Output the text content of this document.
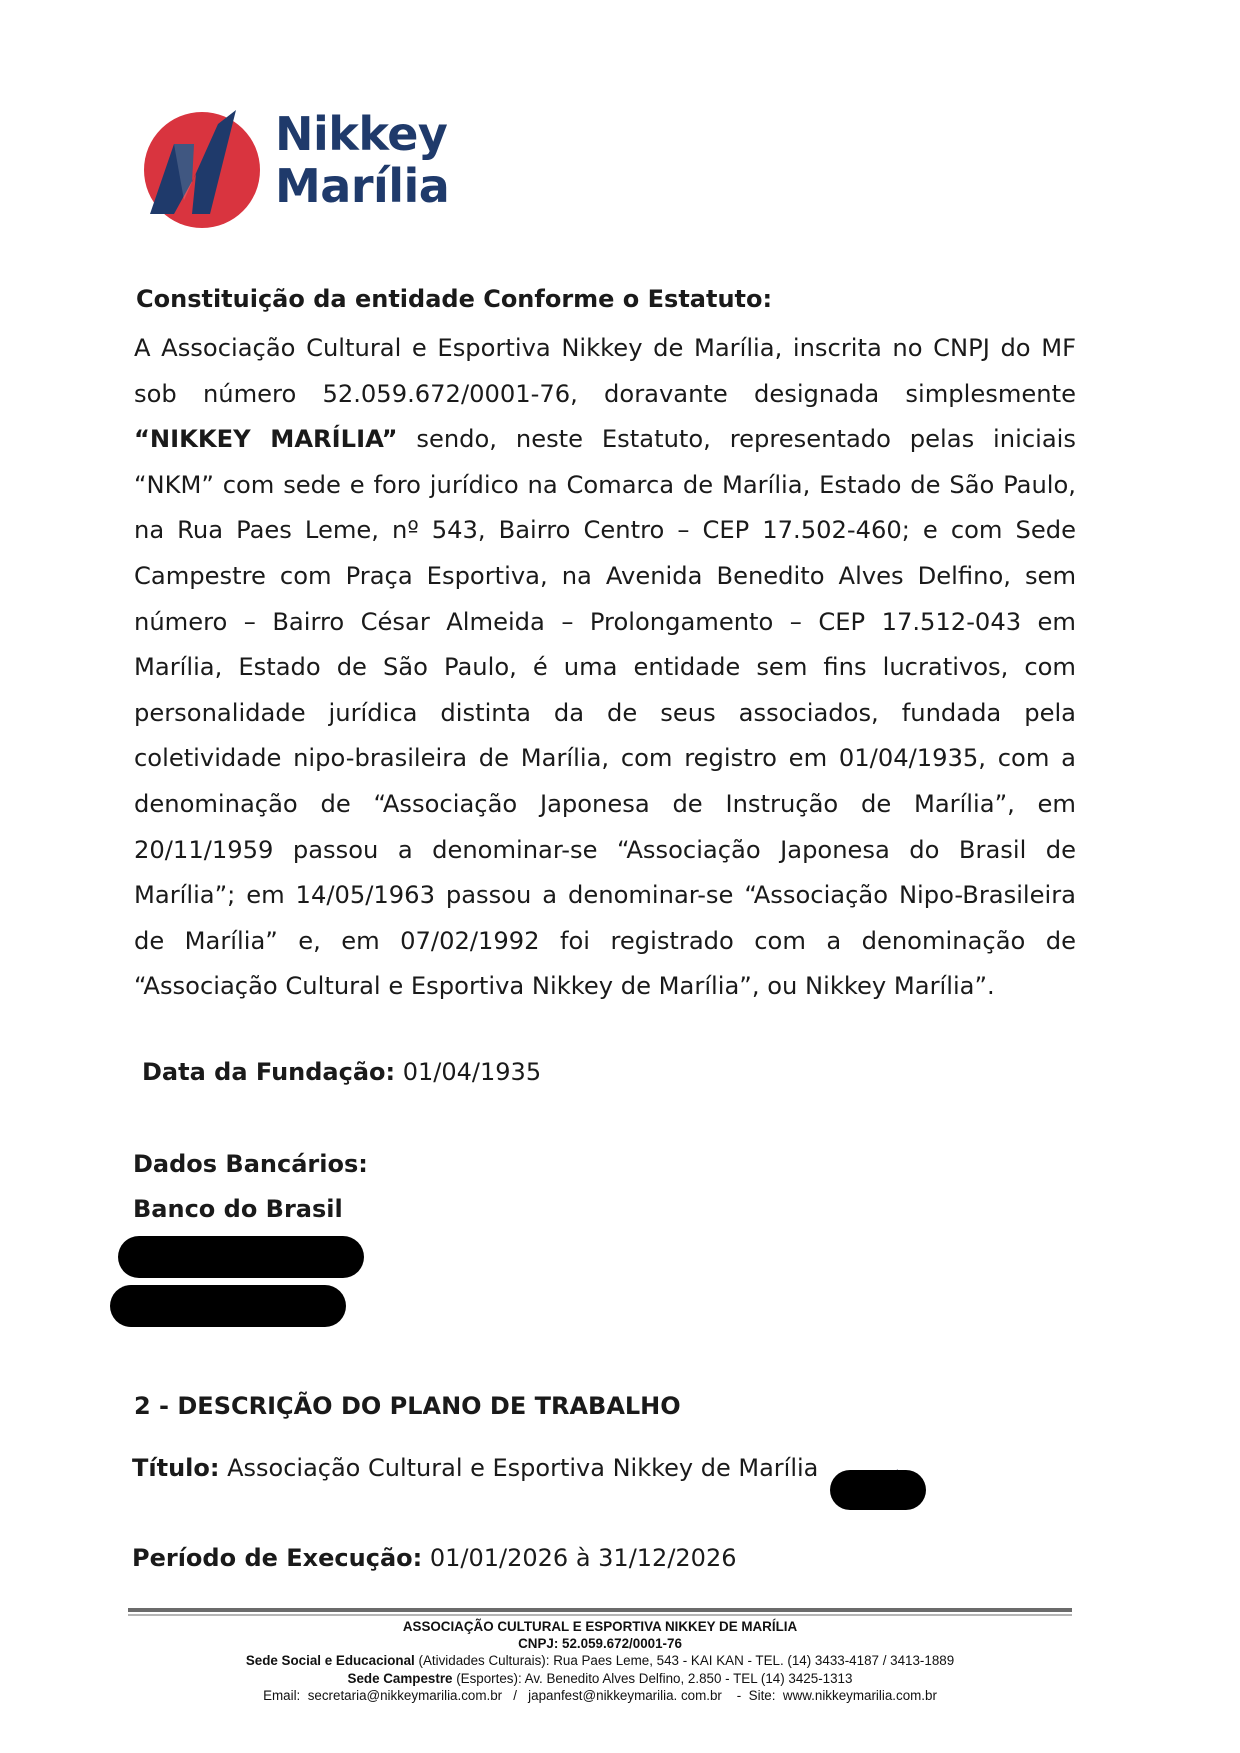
Nikkey
Marília
Constituição da entidade Conforme o Estatuto:
A Associação Cultural e Esportiva Nikkey de Marília, inscrita no CNPJ do MF sob número 52.059.672/0001-76, doravante designada simplesmente “NIKKEY MARÍLIA” sendo, neste Estatuto, representado pelas iniciais “NKM” com sede e foro jurídico na Comarca de Marília, Estado de São Paulo, na Rua Paes Leme, nº 543, Bairro Centro – CEP 17.502-460; e com Sede Campestre com Praça Esportiva, na Avenida Benedito Alves Delfino, sem número – Bairro César Almeida – Prolongamento – CEP 17.512-043 em Marília, Estado de São Paulo, é uma entidade sem fins lucrativos, com personalidade jurídica distinta da de seus associados, fundada pela coletividade nipo-brasileira de Marília, com registro em 01/04/1935, com a denominação de “Associação Japonesa de Instrução de Marília”, em 20/11/1959 passou a denominar-se “Associação Japonesa do Brasil de Marília”; em 14/05/1963 passou a denominar-se “Associação Nipo-Brasileira de Marília” e, em 07/02/1992 foi registrado com a denominação de “Associação Cultural e Esportiva Nikkey de Marília”, ou Nikkey Marília”.
Data da Fundação: 01/04/1935
Dados Bancários:
Banco do Brasil
2 - DESCRIÇÃO DO PLANO DE TRABALHO
Título: Associação Cultural e Esportiva Nikkey de Marília
Período de Execução: 01/01/2026 à 31/12/2026
ASSOCIAÇÃO CULTURAL E ESPORTIVA NIKKEY DE MARÍLIA
CNPJ: 52.059.672/0001-76
Sede Social e Educacional (Atividades Culturais): Rua Paes Leme, 543 - KAI KAN - TEL. (14) 3433-4187 / 3413-1889
Sede Campestre (Esportes): Av. Benedito Alves Delfino, 2.850 - TEL (14) 3425-1313
Email:  secretaria@nikkeymarilia.com.br   /   japanfest@nikkeymarilia. com.br    -  Site:  www.nikkeymarilia.com.br
